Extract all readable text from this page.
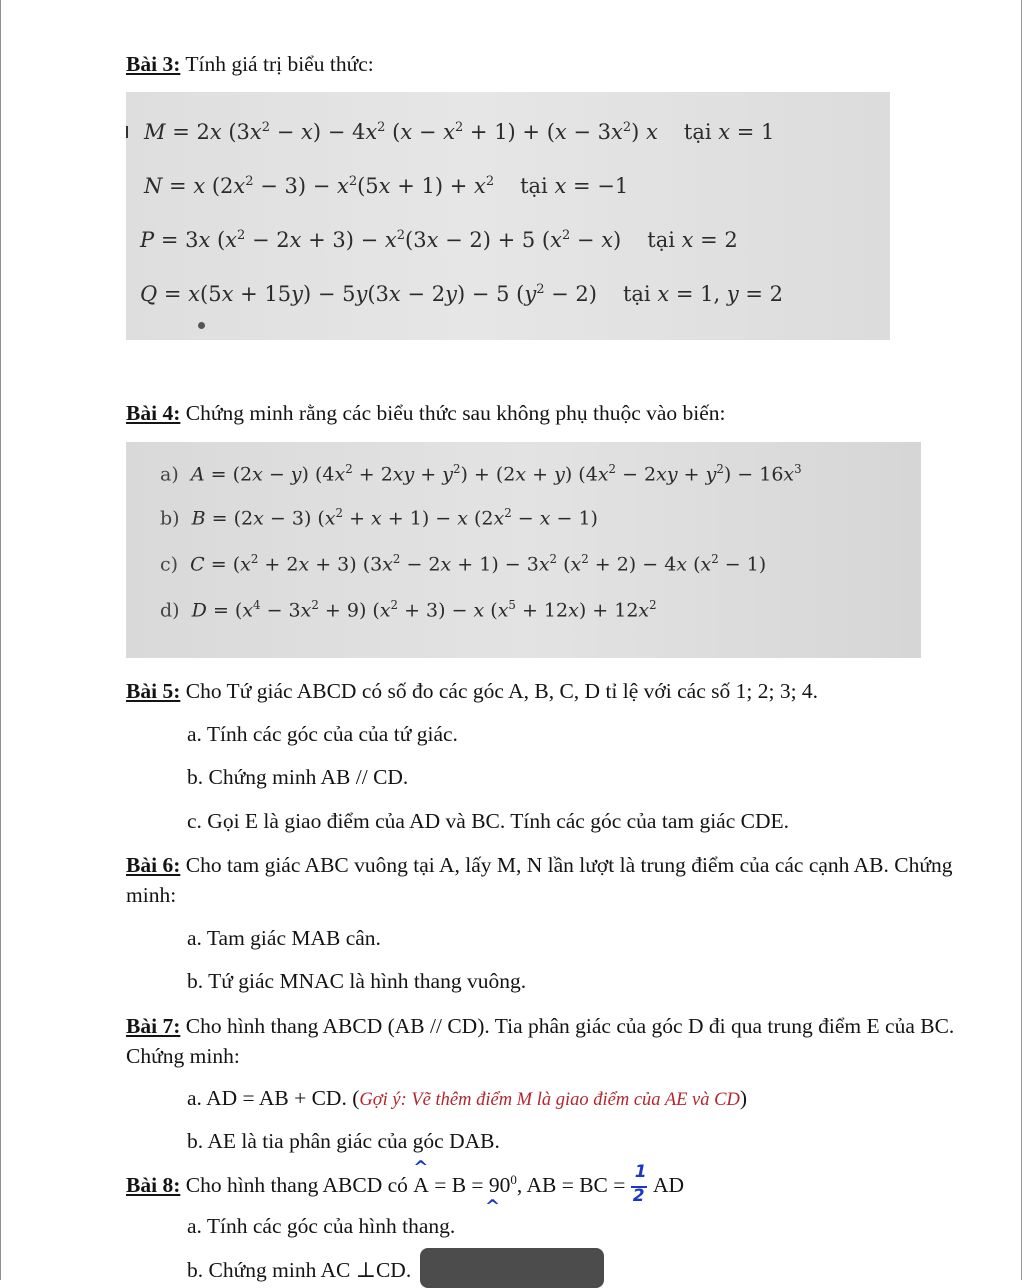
Bài 3: Tính giá trị biểu thức:
M = 2x $(3x^2 - x) - 4x^2$ $(x - x^2 + 1) + (x - 3x^2)$ x tại x = 1
N = x $(2x^2 - 3) - x^2(5x + 1) + x^2$ tại x = −1
P = 3x $(x^2 - 2x + 3) - x^2(3x - 2) + 5$ $(x^2 - x)$ tại x = 2
Q = x(5x + 15y) − 5y(3x − 2y) − 5 $(y^2 - 2)$ tại x = 1, y = 2
Bài 4: Chứng minh rằng các biểu thức sau không phụ thuộc vào biến:
a) A = (2x − y) $(4x^2 + 2xy + y^2) + (2x + y) (4x^2 - 2xy + y^2) - 16x^3$
b) B = (2x − 3) $(x^2 + x + 1) - x$ $(2x^2 - x - 1)$
c) $C = (x^2 + 2x + 3) (3x^2 - 2x + 1) - 3x^2$ $(x^2 + 2) - 4x$ $(x^2 - 1)$
d) $D = (x^4 - 3x^2 + 9) (x^2 + 3) - x$ $(x^5 + 12x) + 12x^2$
Bài 5: Cho Tứ giác ABCD có số đo các góc A, B, C, D tỉ lệ với các số 1; 2; 3; 4.
a. Tính các góc của của tứ giác.
b. Chứng minh AB // CD.
c. Gọi E là giao điểm của AD và BC. Tính các góc của tam giác CDE.
Bài 6: Cho tam giác ABC vuông tại A, lấy M, N lần lượt là trung điểm của các cạnh AB. Chứng minh:
a. Tam giác MAB cân.
b. Tứ giác MNAC là hình thang vuông.
Bài 7: Cho hình thang ABCD (AB // CD). Tia phân giác của góc D đi qua trung điểm E của BC. Chứng minh:
a. AD = AB + CD. (Gợi ý: Vẽ thêm điểm M là giao điểm của AE và CD)
b. AE là tia phân giác của góc DAB.
Bài 8: Cho hình thang ABCD có
^
$A = B = 90^0$, AB = BC = $\frac{1}{2}$ AD
^
a. Tính các góc của hình thang.
b. Chứng minh AC ⊥CD.
